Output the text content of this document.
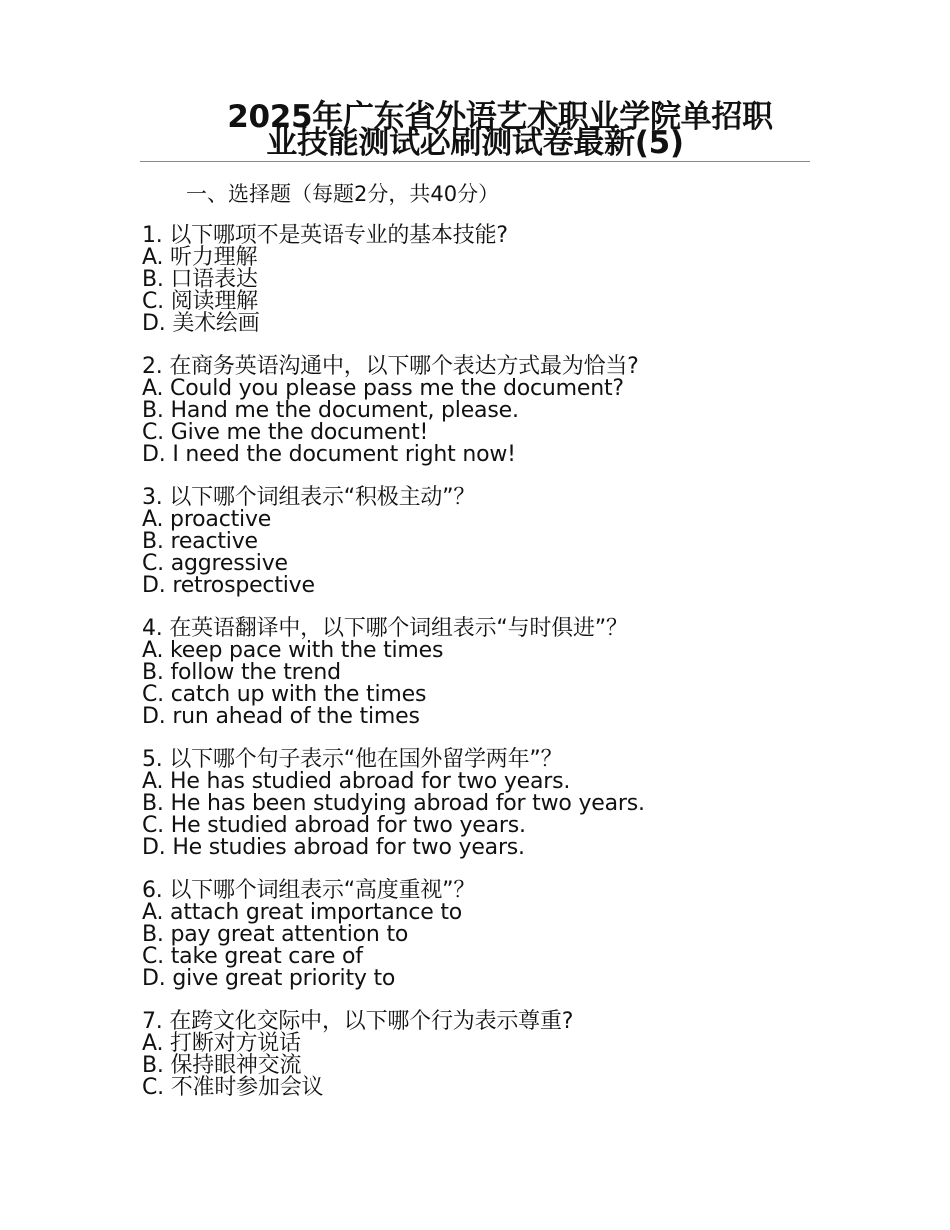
2025年广东省外语艺术职业学院单招职
业技能测试必刷测试卷最新(5)
一、选择题（每题2分，共40分）
1. 以下哪项不是英语专业的基本技能?
A. 听力理解
B. 口语表达
C. 阅读理解
D. 美术绘画
2. 在商务英语沟通中，以下哪个表达方式最为恰当?
A. Could you please pass me the document?
B. Hand me the document, please.
C. Give me the document!
D. I need the document right now!
3. 以下哪个词组表示“积极主动”？
A. proactive
B. reactive
C. aggressive
D. retrospective
4. 在英语翻译中，以下哪个词组表示“与时俱进”？
A. keep pace with the times
B. follow the trend
C. catch up with the times
D. run ahead of the times
5. 以下哪个句子表示“他在国外留学两年”？
A. He has studied abroad for two years.
B. He has been studying abroad for two years.
C. He studied abroad for two years.
D. He studies abroad for two years.
6. 以下哪个词组表示“高度重视”？
A. attach great importance to
B. pay great attention to
C. take great care of
D. give great priority to
7. 在跨文化交际中，以下哪个行为表示尊重?
A. 打断对方说话
B. 保持眼神交流
C. 不准时参加会议
